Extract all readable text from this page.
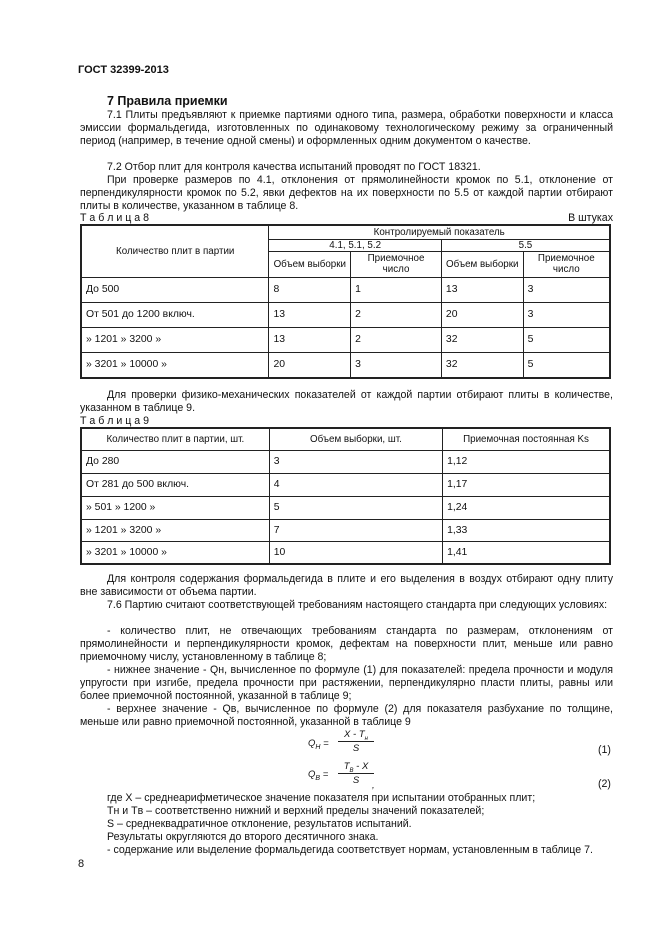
ГОСТ 32399-2013
7 Правила приемки
7.1 Плиты предъявляют к приемке партиями одного типа, размера, обработки поверхности и класса эмиссии формальдегида, изготовленных по одинаковому технологическому режиму за ограниченный период (например, в течение одной смены) и оформленных одним документом о качестве.
7.2 Отбор плит для контроля качества испытаний проводят по ГОСТ 18321.
При проверке размеров по 4.1, отклонения от прямолинейности кромок по 5.1, отклонение от перпендикулярности кромок по 5.2, явки дефектов на их поверхности по 5.5 от каждой партии отбирают плиты в количестве, указанном в таблице 8.
Т а б л и ц а 8	В штуках
Количество плит в партии	Контролируемый показатель			
	4.1, 5.1, 5.2		5.5	
	Объем выборки	Приемочное число	Объем выборки	Приемочное число
До 500	8	1	13	3
От 501 до 1200 включ.	13	2	20	3
» 1201 » 3200 »	13	2	32	5
» 3201 » 10000 »	20	3	32	5
Для проверки физико-механических показателей от каждой партии отбирают плиты в количестве, указанном в таблице 9.
Т а б л и ц а 9
Количество плит в партии, шт.	Объем выборки, шт.	Приемочная постоянная Ks
До 280	3	1,12
От 281 до 500 включ.	4	1,17
» 501 » 1200 »	5	1,24
» 1201 » 3200 »	7	1,33
» 3201 » 10000 »	10	1,41
Для контроля содержания формальдегида в плите и его выделения в воздух отбирают одну плиту вне зависимости от объема партии.
7.6 Партию считают соответствующей требованиям настоящего стандарта при следующих условиях:
- количество плит, не отвечающих требованиям стандарта по размерам, отклонениям от прямолинейности и перпендикулярности кромок, дефектам на поверхности плит, меньше или равно приемочному числу, установленному в таблице 8;
- нижнее значение - Qн, вычисленное по формуле (1) для показателей: предела прочности и модуля упругости при изгибе, предела прочности при растяжении, перпендикулярно пласти плиты, равны или более приемочной постоянной, указанной в таблице 9;
- верхнее значение - Qв, вычисленное по формуле (2) для показателя разбухание по толщине, меньше или равно приемочной постоянной, указанной в таблице 9
$Q_Н$ =
X - $T_н$
S	(1)
$Q_В$ =
$T_В$ - X
S	,	(2)
где X – среднеарифметическое значение показателя при испытании отобранных плит;
Tн и Tв – соответственно нижний и верхний пределы значений показателей;
S – среднеквадратичное отклонение, результатов испытаний.
Результаты округляются до второго десятичного знака.
- содержание или выделение формальдегида соответствует нормам, установленным в таблице 7.
8
